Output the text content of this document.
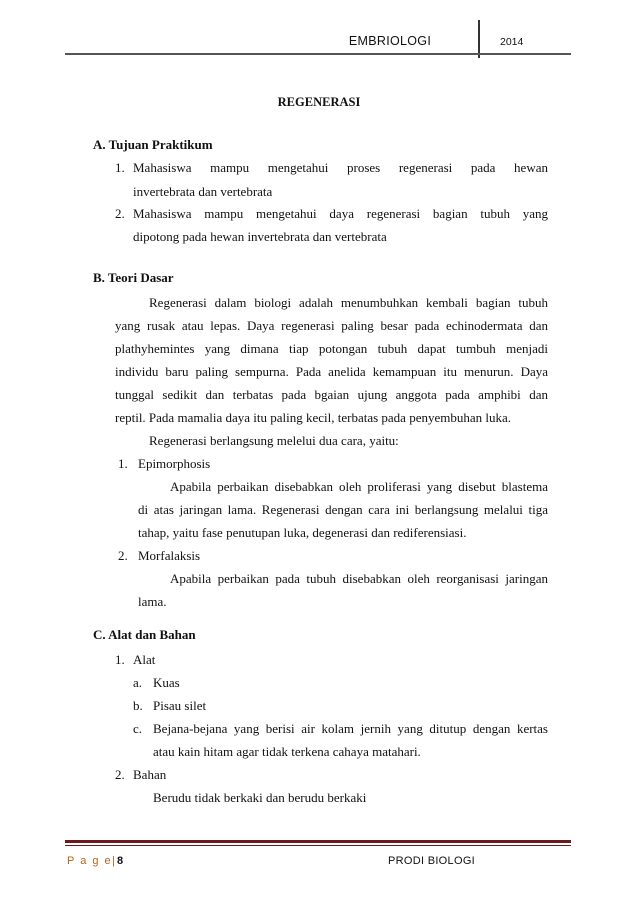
EMBRIOLOGI	2014
REGENERASI
A. Tujuan Praktikum
1. Mahasiswa mampu mengetahui proses regenerasi pada hewan
invertebrata dan vertebrata
2. Mahasiswa mampu mengetahui daya regenerasi bagian tubuh yang
dipotong pada hewan invertebrata dan vertebrata
B. Teori Dasar
Regenerasi dalam biologi adalah menumbuhkan kembali bagian tubuh
yang rusak atau lepas. Daya regenerasi paling besar pada echinodermata dan
plathyhemintes yang dimana tiap potongan tubuh dapat tumbuh menjadi
individu baru paling sempurna. Pada anelida kemampuan itu menurun. Daya
tunggal sedikit dan terbatas pada bgaian ujung anggota pada amphibi dan
reptil. Pada mamalia daya itu paling kecil, terbatas pada penyembuhan luka.
Regenerasi berlangsung melelui dua cara, yaitu:
1. Epimorphosis
Apabila perbaikan disebabkan oleh proliferasi yang disebut blastema
di atas jaringan lama. Regenerasi dengan cara ini berlangsung melalui tiga
tahap, yaitu fase penutupan luka, degenerasi dan rediferensiasi.
2. Morfalaksis
Apabila perbaikan pada tubuh disebabkan oleh reorganisasi jaringan
lama.
C. Alat dan Bahan
1. Alat
a. Kuas
b. Pisau silet
c. Bejana-bejana yang berisi air kolam jernih yang ditutup dengan kertas
atau kain hitam agar tidak terkena cahaya matahari.
2. Bahan
Berudu tidak berkaki dan berudu berkaki
P a g e | 8	PRODI BIOLOGI
